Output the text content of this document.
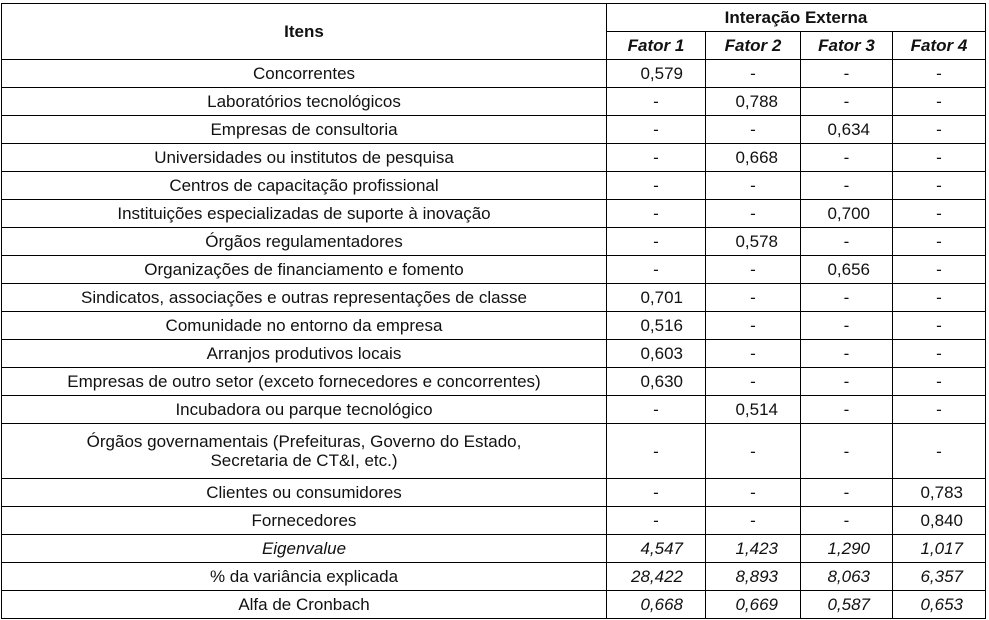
Itens	Interação Externa			
	Fator 1	Fator 2	Fator 3	Fator 4
Concorrentes	0,579	-	-	-
Laboratórios tecnológicos	-	0,788	-	-
Empresas de consultoria	-	-	0,634	-
Universidades ou institutos de pesquisa	-	0,668	-	-
Centros de capacitação profissional	-	-	-	-
Instituições especializadas de suporte à inovação	-	-	0,700	-
Órgãos regulamentadores	-	0,578	-	-
Organizações de financiamento e fomento	-	-	0,656	-
Sindicatos, associações e outras representações de classe	0,701	-	-	-
Comunidade no entorno da empresa	0,516	-	-	-
Arranjos produtivos locais	0,603	-	-	-
Empresas de outro setor (exceto fornecedores e concorrentes)	0,630	-	-	-
Incubadora ou parque tecnológico	-	0,514	-	-
Órgãos governamentais (Prefeituras, Governo do Estado,
Secretaria de CT&I, etc.)	-	-	-	-
Clientes ou consumidores	-	-	-	0,783
Fornecedores	-	-	-	0,840
Eigenvalue	4,547	1,423	1,290	1,017
% da variância explicada	28,422	8,893	8,063	6,357
Alfa de Cronbach	0,668	0,669	0,587	0,653
